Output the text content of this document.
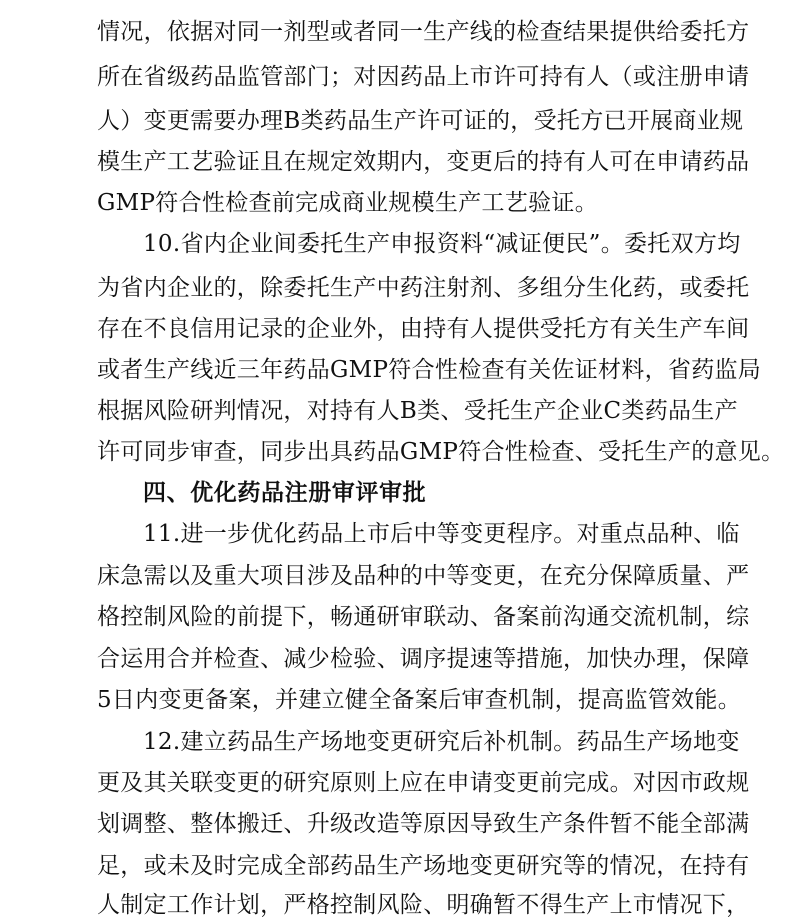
情况，依据对同一剂型或者同一生产线的检查结果提供给委托方
所在省级药品监管部门；对因药品上市许可持有人（或注册申请
人）变更需要办理B类药品生产许可证的，受托方已开展商业规
模生产工艺验证且在规定效期内，变更后的持有人可在申请药品
GMP符合性检查前完成商业规模生产工艺验证。
10.省内企业间委托生产申报资料“减证便民”。委托双方均
为省内企业的，除委托生产中药注射剂、多组分生化药，或委托
存在不良信用记录的企业外，由持有人提供受托方有关生产车间
或者生产线近三年药品GMP符合性检查有关佐证材料，省药监局
根据风险研判情况，对持有人B类、受托生产企业C类药品生产
许可同步审查，同步出具药品GMP符合性检查、受托生产的意见。
四、优化药品注册审评审批
11.进一步优化药品上市后中等变更程序。对重点品种、临
床急需以及重大项目涉及品种的中等变更，在充分保障质量、严
格控制风险的前提下，畅通研审联动、备案前沟通交流机制，综
合运用合并检查、减少检验、调序提速等措施，加快办理，保障
5日内变更备案，并建立健全备案后审查机制，提高监管效能。
12.建立药品生产场地变更研究后补机制。药品生产场地变
更及其关联变更的研究原则上应在申请变更前完成。对因市政规
划调整、整体搬迁、升级改造等原因导致生产条件暂不能全部满
足，或未及时完成全部药品生产场地变更研究等的情况，在持有
人制定工作计划，严格控制风险、明确暂不得生产上市情况下，
